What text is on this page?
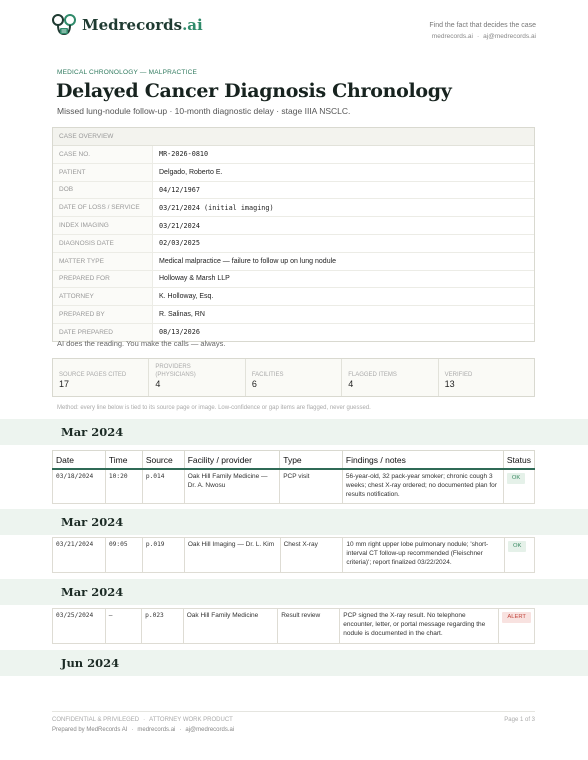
Medrecords.ai	Find the fact that decides the case
medrecords.ai · aj@medrecords.ai
MEDICAL CHRONOLOGY — MALPRACTICE
Delayed Cancer Diagnosis Chronology
Missed lung-nodule follow-up · 10-month diagnostic delay · stage IIIA NSCLC.
CASE OVERVIEW
CASE NO.	MR-2026-0810
PATIENT	Delgado, Roberto E.
DOB	04/12/1967
DATE OF LOSS / SERVICE	03/21/2024 (initial imaging)
INDEX IMAGING	03/21/2024
DIAGNOSIS DATE	02/03/2025
MATTER TYPE	Medical malpractice — failure to follow up on lung nodule
PREPARED FOR	Holloway & Marsh LLP
ATTORNEY	K. Holloway, Esq.
PREPARED BY	R. Salinas, RN
DATE PREPARED	08/13/2026
AI does the reading. You make the calls — always.
SOURCE PAGES CITED
17
PROVIDERS (PHYSICIANS)
4
FACILITIES
6
FLAGGED ITEMS
4
VERIFIED
13
Method: every line below is tied to its source page or image. Low-confidence or gap items are flagged, never guessed.
Mar 2024
Date	Time	Source	Facility / provider	Type	Findings / notes	Status
03/18/2024	10:20	p.014	Oak Hill Family Medicine — Dr. A. Nwosu	PCP visit	56-year-old, 32 pack-year smoker; chronic cough 3 weeks; chest X-ray ordered; no documented plan for results notification.	OK
Mar 2024
03/21/2024	09:05	p.019	Oak Hill Imaging — Dr. L. Kim	Chest X-ray	10 mm right upper lobe pulmonary nodule; 'short-interval CT follow-up recommended (Fleischner criteria)'; report finalized 03/22/2024.	OK
Mar 2024
03/25/2024	—	p.023	Oak Hill Family Medicine	Result review	PCP signed the X-ray result. No telephone encounter, letter, or portal message regarding the nodule is documented in the chart.	ALERT
Jun 2024
CONFIDENTIAL & PRIVILEGED · ATTORNEY WORK PRODUCT
Prepared by MedRecords AI · medrecords.ai · aj@medrecords.ai
Page 1 of 3
